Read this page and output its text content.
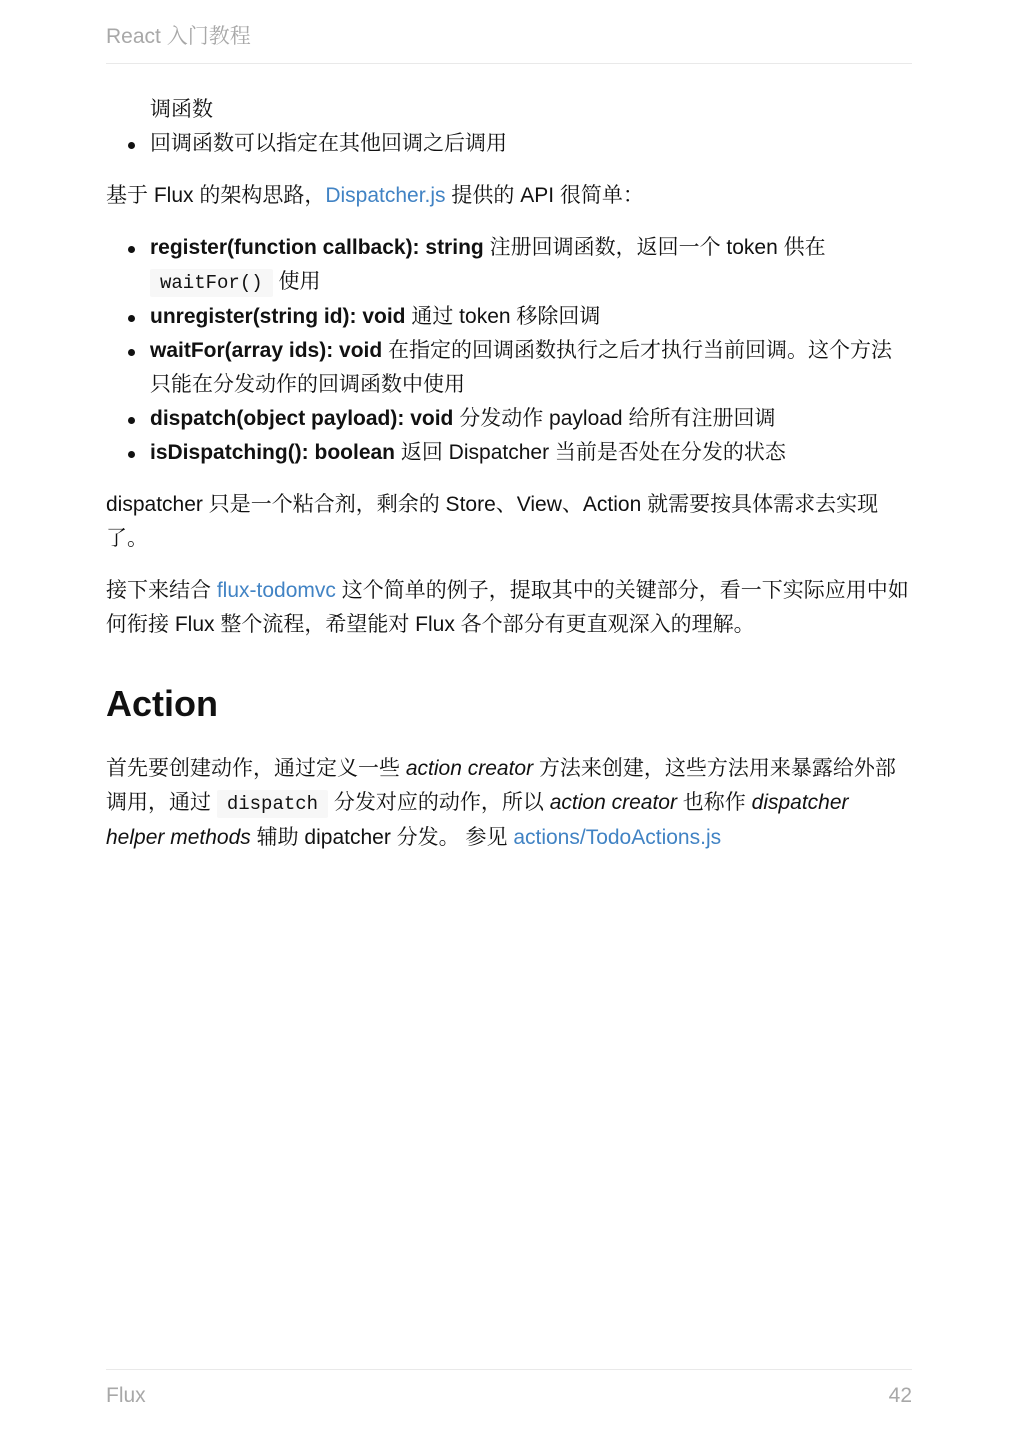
React 入门教程

调函数

回调函数可以指定在其他回调之后调用

基于 Flux 的架构思路，Dispatcher.js 提供的 API 很简单：

register(function callback): string 注册回调函数，返回一个 token 供在 waitFor() 使用
unregister(string id): void 通过 token 移除回调
waitFor(array ids): void 在指定的回调函数执行之后才执行当前回调。这个方法只能在分发动作的回调函数中使用
dispatch(object payload): void 分发动作 payload 给所有注册回调
isDispatching(): boolean 返回 Dispatcher 当前是否处在分发的状态

dispatcher 只是一个粘合剂，剩余的 Store、View、Action 就需要按具体需求去实现了。

接下来结合 flux-todomvc 这个简单的例子，提取其中的关键部分，看一下实际应用中如何衔接 Flux 整个流程，希望能对 Flux 各个部分有更直观深入的理解。

Action

首先要创建动作，通过定义一些 action creator 方法来创建，这些方法用来暴露给外部调用，通过 dispatch 分发对应的动作，所以 action creator 也称作 dispatcher helper methods 辅助 dipatcher 分发。 参见 actions/TodoActions.js

Flux	42
